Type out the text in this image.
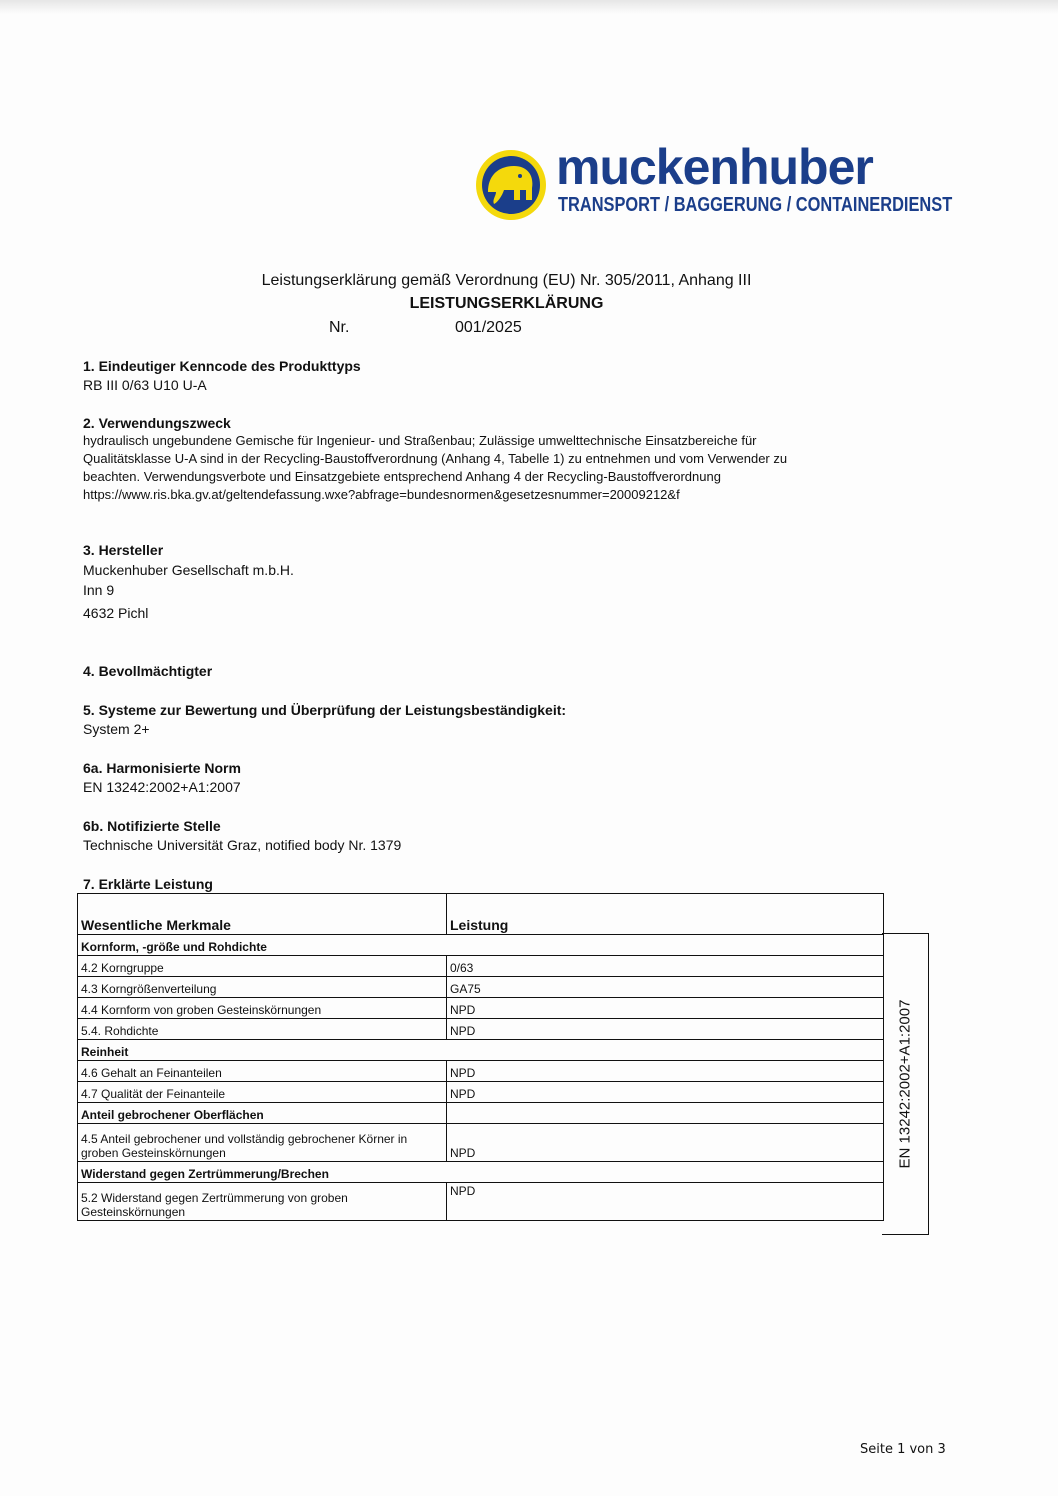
muckenhuber
TRANSPORT / BAGGERUNG / CONTAINERDIENST
Leistungserklärung gemäß Verordnung (EU) Nr. 305/2011, Anhang III
LEISTUNGSERKLÄRUNG
Nr.	001/2025
1. Eindeutiger Kenncode des Produkttyps
RB III 0/63 U10 U-A
2. Verwendungszweck
hydraulisch ungebundene Gemische für Ingenieur- und Straßenbau; Zulässige umwelttechnische Einsatzbereiche für
Qualitätsklasse U-A sind in der Recycling-Baustoffverordnung (Anhang 4, Tabelle 1) zu entnehmen und vom Verwender zu
beachten. Verwendungsverbote und Einsatzgebiete entsprechend Anhang 4 der Recycling-Baustoffverordnung
https://www.ris.bka.gv.at/geltendefassung.wxe?abfrage=bundesnormen&gesetzesnummer=20009212&f
3. Hersteller
Muckenhuber Gesellschaft m.b.H.
Inn 9
4632 Pichl
4. Bevollmächtigter
5. Systeme zur Bewertung und Überprüfung der Leistungsbeständigkeit:
System 2+
6a. Harmonisierte Norm
EN 13242:2002+A1:2007
6b. Notifizierte Stelle
Technische Universität Graz, notified body Nr. 1379
7. Erklärte Leistung
Wesentliche Merkmale	Leistung
Kornform, -größe und Rohdichte	
4.2 Korngruppe	0/63
4.3 Korngrößenverteilung	GA75
4.4 Kornform von groben Gesteinskörnungen	NPD
5.4. Rohdichte	NPD
Reinheit	
4.6 Gehalt an Feinanteilen	NPD
4.7 Qualität der Feinanteile	NPD
Anteil gebrochener Oberflächen	

4.5 Anteil gebrochener und vollständig gebrochener Körner in
groben Gesteinskörnungen	NPD
Widerstand gegen Zertrümmerung/Brechen	

5.2 Widerstand gegen Zertrümmerung von groben
Gesteinskörnungen	NPD
EN 13242:2002+A1:2007
Seite 1 von 3
